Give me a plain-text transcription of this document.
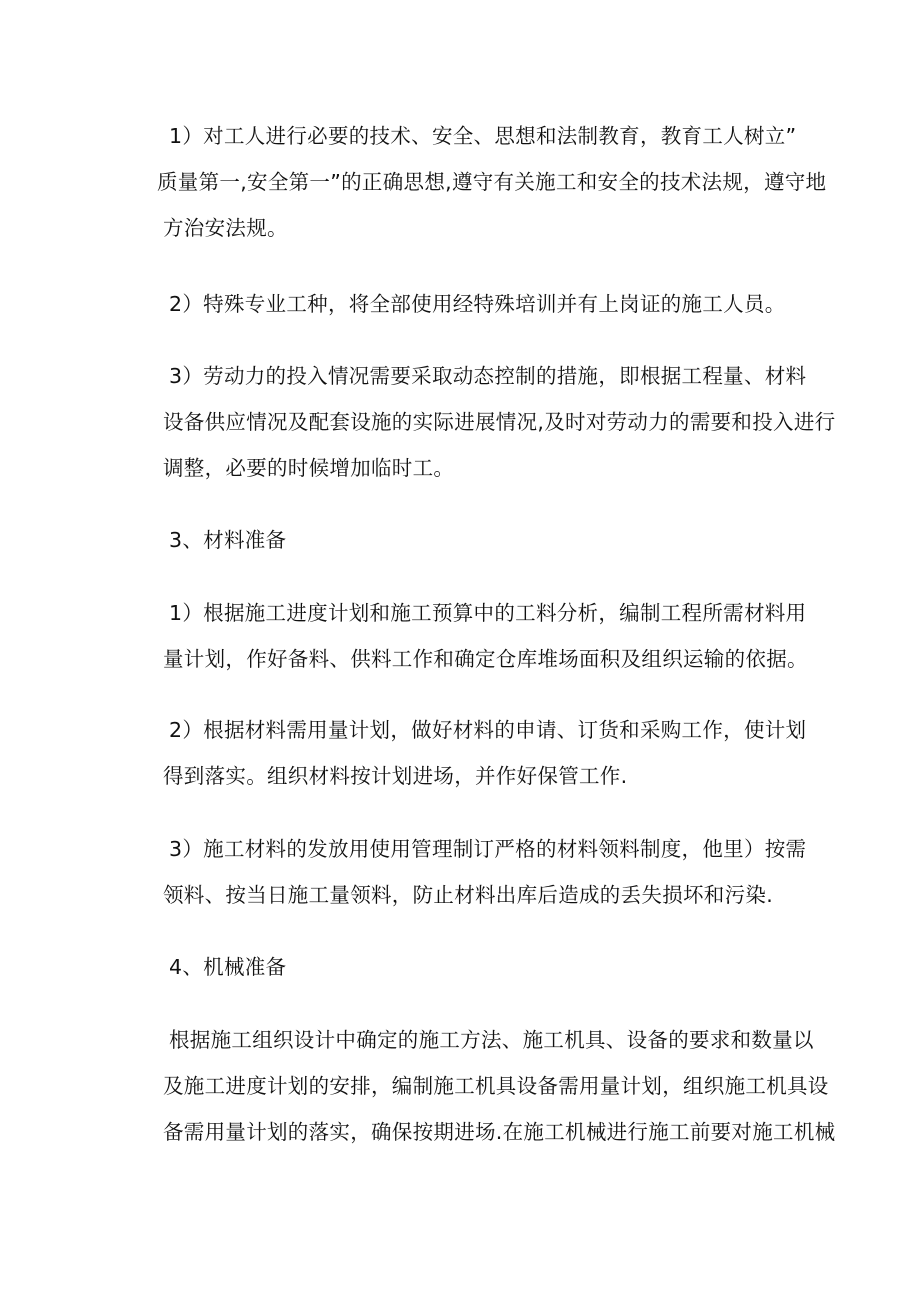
1）对工人进行必要的技术、安全、思想和法制教育，教育工人树立”
质量第一,安全第一”的正确思想,遵守有关施工和安全的技术法规，遵守地
方治安法规。
2）特殊专业工种，将全部使用经特殊培训并有上岗证的施工人员。
3）劳动力的投入情况需要采取动态控制的措施，即根据工程量、材料
设备供应情况及配套设施的实际进展情况,及时对劳动力的需要和投入进行
调整，必要的时候增加临时工。
3、材料准备
1）根据施工进度计划和施工预算中的工料分析，编制工程所需材料用
量计划，作好备料、供料工作和确定仓库堆场面积及组织运输的依据。
2）根据材料需用量计划，做好材料的申请、订货和采购工作，使计划
得到落实。组织材料按计划进场，并作好保管工作.
3）施工材料的发放用使用管理制订严格的材料领料制度，他里）按需
领料、按当日施工量领料，防止材料出库后造成的丢失损坏和污染.
4、机械准备
根据施工组织设计中确定的施工方法、施工机具、设备的要求和数量以
及施工进度计划的安排，编制施工机具设备需用量计划，组织施工机具设
备需用量计划的落实，确保按期进场.在施工机械进行施工前要对施工机械
